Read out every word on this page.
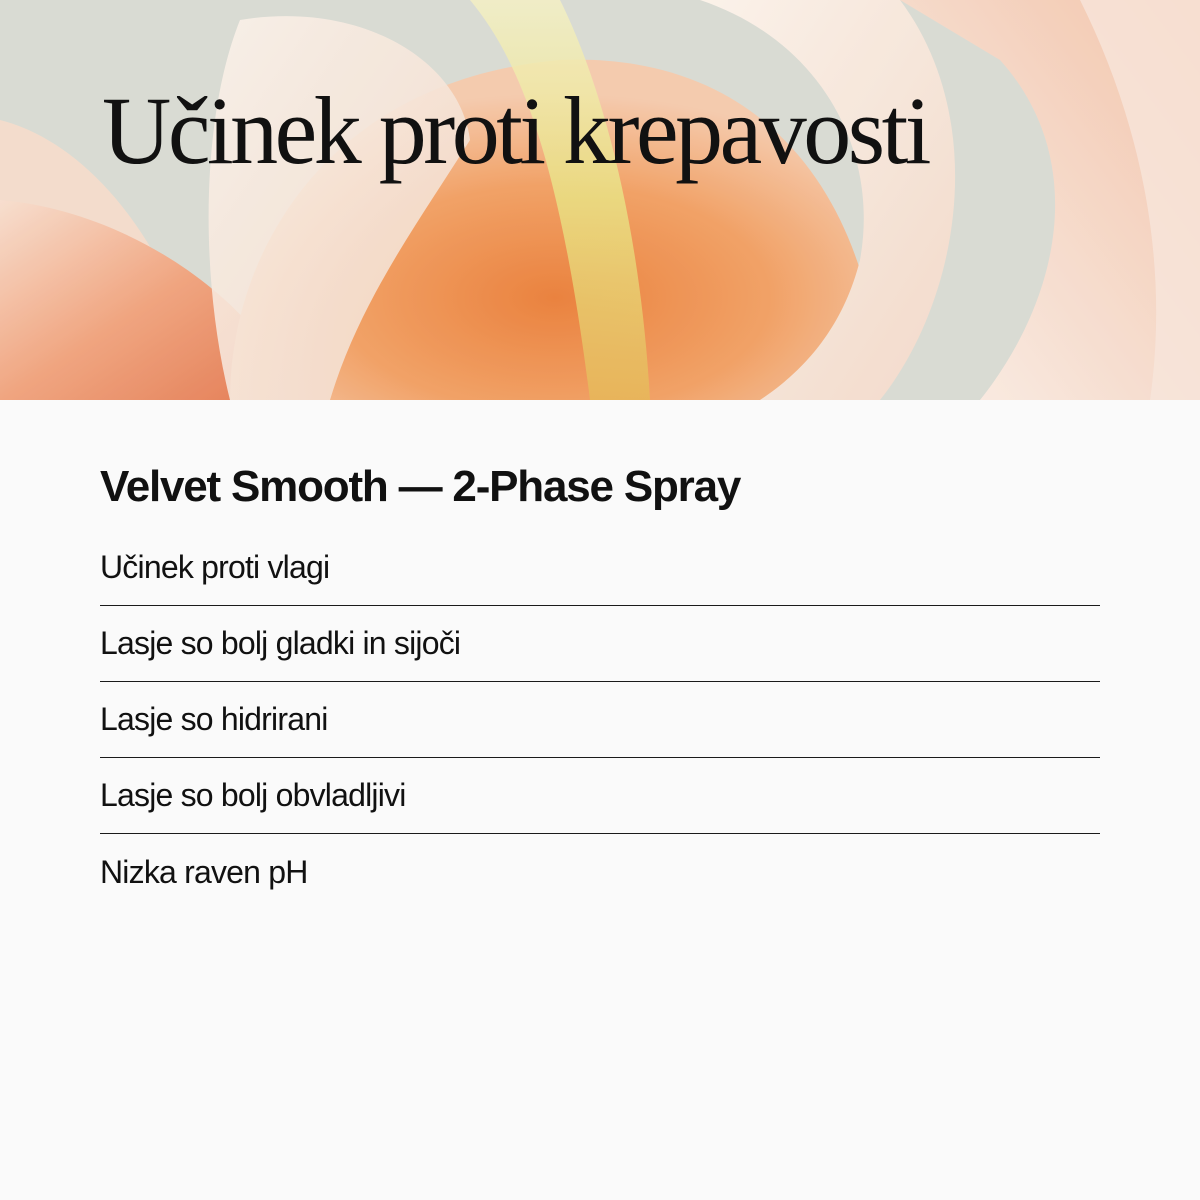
Učinek proti krepavosti
Velvet Smooth — 2-Phase Spray
Učinek proti vlagi
Lasje so bolj gladki in sijoči
Lasje so hidrirani
Lasje so bolj obvladljivi
Nizka raven pH
